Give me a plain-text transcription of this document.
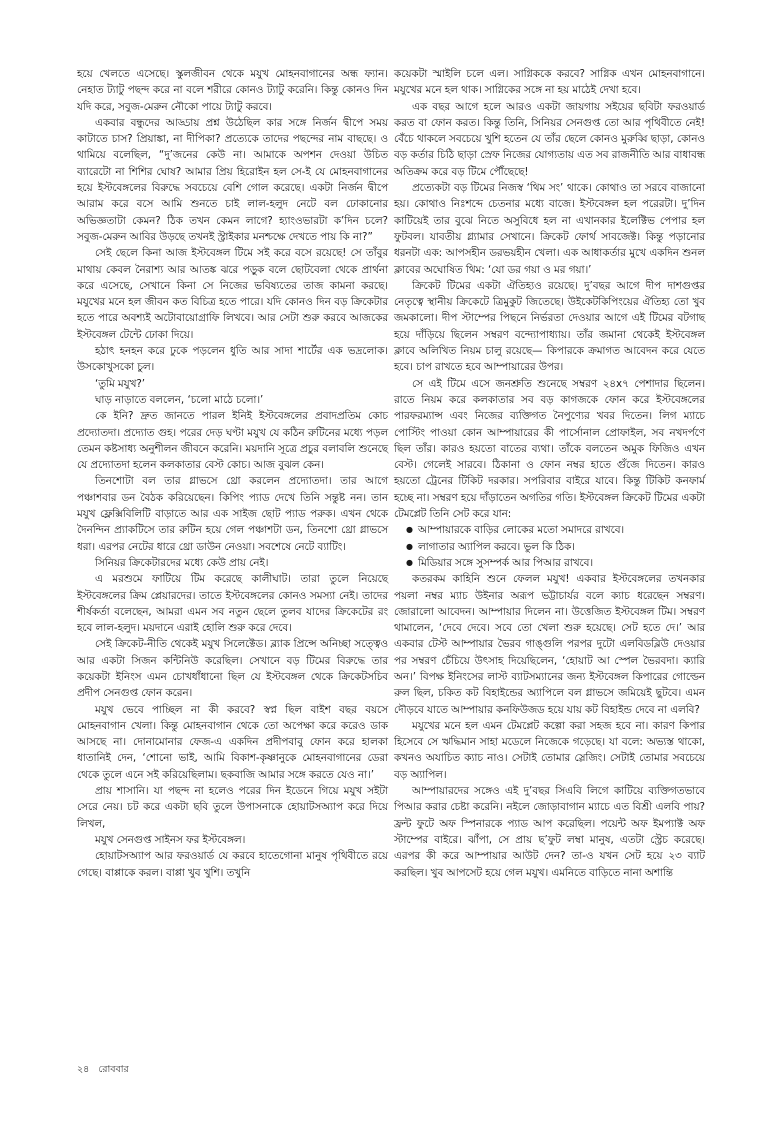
হয়ে খেলতে এসেছে। স্কুলজীবন থেকে মযুখ মোহনবাগানের অন্ধ ফ্যান। নেহাত ট্যাটু পছন্দ করে না বলে শরীরে কোনও ট্যাটু করেনি। কিন্তু কোনও দিন যদি করে, সবুজ-মেরুন নৌকো পায়ে ট্যাটু করবে।

একবার বন্ধুদের আড্ডায় প্রশ্ন উঠেছিল কার সঙ্গে নির্জন দ্বীপে সময় কাটাতে চাস? প্রিয়াঙ্কা, না দীপিকা? প্রত্যেকে তাদের পছন্দের নাম বাছছে। ও থামিয়ে বলেছিল, “দু’জনের কেউ না। আমাকে অপশন দেওয়া উচিত ব্যারেটো না শিশির ঘোষ? আমার প্রিয় হিরোইন হল সে-ই যে মোহনবাগানের হয়ে ইস্টবেঙ্গলের বিরুদ্ধে সবচেয়ে বেশি গোল করেছে। একটা নির্জন দ্বীপে আরাম করে বসে আমি শুনতে চাই লাল-হলুদ নেটে বল ঢোকানোর অভিজ্ঞতাটা কেমন? ঠিক তখন কেমন লাগে? হ্যাংওভারটা ক’দিন চলে? সবুজ-মেরুন আবির উড়ছে তখনই স্ট্রাইকার মনশ্চক্ষে দেখতে পায় কি না?”

সেই ছেলে কিনা আজ ইস্টবেঙ্গল টিমে সই করে বসে রয়েছে! সে তাঁবুর মাথায় কেবল নৈরাশ্য আর আতঙ্ক ঝরে পড়ুক বলে ছোটবেলা থেকে প্রার্থনা করে এসেছে, সেখানে কিনা সে নিজের ভবিষ্যতের তাজ কামনা করছে। মযুখের মনে হল জীবন কত বিচিত্র হতে পারে। যদি কোনও দিন বড় ক্রিকেটার হতে পারে অবশ্যই অটোবায়োগ্রাফি লিখবে। আর সেটা শুরু করবে আজকের ইস্টবেঙ্গল টেন্টে ঢোকা দিয়ে।

হঠাৎ হনহন করে ঢুকে পড়লেন ধুতি আর সাদা শার্টের এক ভদ্রলোক। উসকোখুসকো চুল।

‘তুমি মযুখ?’

ঘাড় নাড়াতে বললেন, ‘চলো মাঠে চলো।’

কে ইনি? দ্রুত জানতে পারল ইনিই ইস্টবেঙ্গলের প্রবাদপ্রতিম কোচ প্রদ্যোতদা। প্রদ্যোত গুহ। পরের দেড় ঘণ্টা মযুখ যে কঠিন রুটিনের মধ্যে পড়ল তেমন কষ্টসাধ্য অনুশীলন জীবনে করেনি। ময়দানি সূত্রে প্রচুর বলাবলি শুনেছে যে প্রদ্যোতদা হলেন কলকাতার বেস্ট কোচ। আজ বুঝল কেন।

তিনশোটা বল তার গ্লাভসে থ্রো করলেন প্রদ্যোতদা। তার আগে পঞ্চাশবার ডন বৈঠক করিয়েছেন। কিপিং প্যাড দেখে তিনি সন্তুষ্ট নন। তান মযুখ ফ্লেক্সিবিলিটি বাড়াতে আর এক সাইজ ছোট প্যাড পরুক। এখন থেকে দৈনন্দিন প্র্যাকটিসে তার রুটিন হয়ে গেল পঞ্চাশটা ডন, তিনশো থ্রো গ্লাভসে ধরা। এরপর নেটের ধারে থ্রো ডাউন নেওয়া। সবশেষে নেটে ব্যাটিং।

সিনিয়র ক্রিকেটারদের মধ্যে কেউ প্রায় নেই।

এ মরশুমে ফাটিয়ে টিম করেছে কালীঘাট। তারা তুলে নিয়েছে ইস্টবেঙ্গলের ক্রিম প্লেয়ারদের। তাতে ইস্টবেঙ্গলের কোনও সমস্যা নেই। তাদের শীর্ষকর্তা বলেছেন, আমরা এমন সব নতুন ছেলে তুলব যাদের ক্রিকেটের রং হবে লাল-হলুদ। ময়দানে এরাই হোলি শুরু করে দেবে।

সেই ক্রিকেট-নীতি থেকেই মযুখ সিলেক্টেড। ব্ল্যাক প্রিন্সে অনিচ্ছা সত্ত্বেও আর একটা সিজন কন্টিনিউ করেছিল। সেখানে বড় টিমের বিরুদ্ধে তার কয়েকটা ইনিংস এমন চোখধাঁধানো ছিল যে ইস্টবেঙ্গল থেকে ক্রিকেটসচিব প্রদীপ সেনগুপ্ত ফোন করেন।

মযুখ ভেবে পাচ্ছিল না কী করবে? স্বপ্ন ছিল বাইশ বছর বয়সে মোহনবাগান খেলা। কিন্তু মোহনবাগান থেকে তো অপেক্ষা করে করেও ডাক আসছে না। দোনামোনার ফেজ-এ একদিন প্রদীপবাবু ফোন করে হালকা ধাতানিই দেন, ‘শোনো ভাই, আমি বিকাশ-কৃষ্ণানুকে মোহনবাগানের ডেরা থেকে তুলে এনে সই করিয়েছিলাম। ছকবাজি আমার সঙ্গে করতে যেও না।’

প্রায় শাসানি। যা পছন্দ না হলেও পরের দিন ইডেনে গিয়ে মযুখ সইটা সেরে নেয়। চট করে একটা ছবি তুলে উপাসনাকে হোয়াটসঅ্যাপ করে দিয়ে লিখল,

মযুখ সেনগুপ্ত সাইনস ফর ইস্টবেঙ্গল।

হোয়াটসঅ্যাপ আর ফরওয়ার্ড যে করবে হাতেগোনা মানুষ পৃথিবীতে রয়ে গেছে। বাপ্পাকে করল। বাপ্পা খুব খুশি। তখুনি

কয়েকটা স্মাইলি চলে এল। সাগ্নিককে করবে? সাগ্নিক এখন মোহনবাগানে। মযুখের মনে হল থাক। সাগ্নিকের সঙ্গে না হয় মাঠেই দেখা হবে।

এক বছর আগে হলে আরও একটা জায়গায় সইয়ের ছবিটা ফরওয়ার্ড করত বা ফোন করত। কিন্তু তিনি, সিনিয়র সেনগুপ্ত তো আর পৃথিবীতে নেই! বেঁচে থাকলে সবচেয়ে খুশি হতেন যে তাঁর ছেলে কোনও মুরুব্বি ছাড়া, কোনও বড় কর্তার চিঠি ছাড়া স্রেফ নিজের যোগ্যতায় এত সব রাজনীতি আর বাধাবন্ধ অতিক্রম করে বড় টিমে পৌঁছেছে!

প্রত্যেকটা বড় টিমের নিজস্ব ‘থিম সং’ থাকে। কোথাও তা সরবে বাজানো হয়। কোথাও নিঃশব্দে চেতনার মধ্যে বাজে। ইস্টবেঙ্গল হল পরেরটা। দু’দিন কাটিয়েই তার বুঝে নিতে অসুবিধে হল না এখানকার ইলেক্টিভ পেপার হল ফুটবল। যাবতীয় গ্ল্যামার সেখানে। ক্রিকেট ফোর্থ সাবজেক্ট। কিন্তু পড়ানোর ধরনটা এক: আপসহীন ডরভয়হীন খেলা। এক আধাকর্তার মুখে একদিন শুনল ক্লাবের অঘোষিত থিম: ‘যো ডর গয়া ও মর গয়া।’

ক্রিকেট টিমের একটা ঐতিহ্যও রয়েছে। দু’বছর আগে দীপ দাশগুপ্তর নেতৃত্বে স্থানীয় ক্রিকেটে ত্রিমুকুট জিতেছে। উইকেটকিপিংয়ের ঐতিহ্য তো খুব জমকালো। দীপ স্টাম্পের পিছনে নির্ভরতা দেওয়ার আগে এই টিমের বটগাছ হয়ে দাঁড়িয়ে ছিলেন সম্বরণ বন্দ্যোপাধ্যায়। তাঁর জমানা থেকেই ইস্টবেঙ্গল ক্লাবে অলিখিত নিয়ম চালু রয়েছে— কিপারকে ক্রমাগত আবেদন করে যেতে হবে। চাপ রাখতে হবে আম্পায়ারের উপর।

সে এই টিমে এসে জনশ্রুতি শুনেছে সম্বরণ ২৪x৭ পেশাদার ছিলেন। রাতে নিয়ম করে কলকাতার সব বড় কাগজকে ফোন করে ইস্টবেঙ্গলের পারফরম্যান্স এবং নিজের ব্যক্তিগত নৈপুণ্যের খবর দিতেন। লিগ ম্যাচে পোস্টিং পাওয়া কোন আম্পায়ারের কী পার্সোনাল প্রোফাইল, সব নখদর্পণে ছিল তাঁর। কারও হয়তো বাতের ব্যথা। তাঁকে বলতেন অমুক ফিজিও এখন বেস্ট। গেলেই সারবে। ঠিকানা ও ফোন নম্বর হাতে গুঁজে দিতেন। কারও হয়তো ট্রেনের টিকিট দরকার। সপরিবার বাইরে যাবে। কিন্তু টিকিট কনফার্ম হচ্ছে না। সম্বরণ হয়ে দাঁড়াতেন অগতির গতি। ইস্টবেঙ্গল ক্রিকেট টিমের একটা টেমপ্লেট তিনি সেট করে যান:

● আম্পায়ারকে বাড়ির লোকের মতো সমাদরে রাখবে।
● লাগাতার অ্যাপিল করবে। ভুল কি ঠিক।
● মিডিয়ার সঙ্গে সুসম্পর্ক আর পিআর রাখবে।

কতরকম কাহিনি শুনে ফেলল মযুখ! একবার ইস্টবেঙ্গলের তখনকার পয়লা নম্বর ম্যাচ উইনার অরূপ ভট্টাচার্যর বলে ক্যাচ ধরেছেন সম্বরণ। জোরালো আবেদন। আম্পায়ার দিলেন না। উত্তেজিত ইস্টবেঙ্গল টিম। সম্বরণ থামালেন, ‘দেবে দেবে। সবে তো খেলা শুরু হয়েছে। সেট হতে দে।’ আর একবার টেস্ট আম্পায়ার ভৈরব গাঙ্গুলি পরপর দুটো এলবিডব্লিউ দেওয়ার পর সম্বরণ চেঁচিয়ে উৎসাহ দিয়েছিলেন, ‘হোয়াট আ স্পেল ভৈরবদা। ক্যারি অন।’ বিপক্ষ ইনিংসের লাস্ট ব্যাটসম্যানের জন্য ইস্টবেঙ্গল কিপারের গোল্ডেন রুল ছিল, চকিত কট বিহাইন্ডের অ্যাপিলে বল গ্লাভসে জমিয়েই ছুটবে। এমন দৌড়বে যাতে আম্পায়ার কনফিউজড হয়ে যায় কট বিহাইন্ড দেবে না এলবি?

মযুখের মনে হল এমন টেমপ্লেট কল্পো করা সহজ হবে না। কারণ কিপার হিসেবে সে ঋদ্ধিমান সাহা মডেলে নিজেকে গড়েছে। যা বলে: অভ্যস্ত থাকো, কখনও অযাচিত ক্যাচ নাও। সেটাই তোমার স্লেজিং। সেটাই তোমার সবচেয়ে বড় অ্যাপিল।

আম্পায়ারদের সঙ্গেও এই দু’বছর সিএবি লিগে কাটিয়ে ব্যক্তিগতভাবে পিআর করার চেষ্টা করেনি। নইলে জোড়াবাগান ম্যাচে এত বিশ্রী এলবি পায়? ফ্রন্ট ফুটে অফ স্পিনারকে প্যাড আপ করেছিল। পয়েন্ট অফ ইমপ্যাক্ট অফ স্টাম্পের বাইরে। ঝাঁপা, সে প্রায় ছ’ফুট লম্বা মানুষ, এতটা স্ট্রেচ করেছে। এরপর কী করে আম্পায়ার আউট দেন? তা-ও যখন সেট হয়ে ২৩ ব্যাট করছিল। খুব আপসেট হয়ে গেল মযুখ। এমনিতে বাড়িতে নানা অশান্তি

২৪ রোববার
